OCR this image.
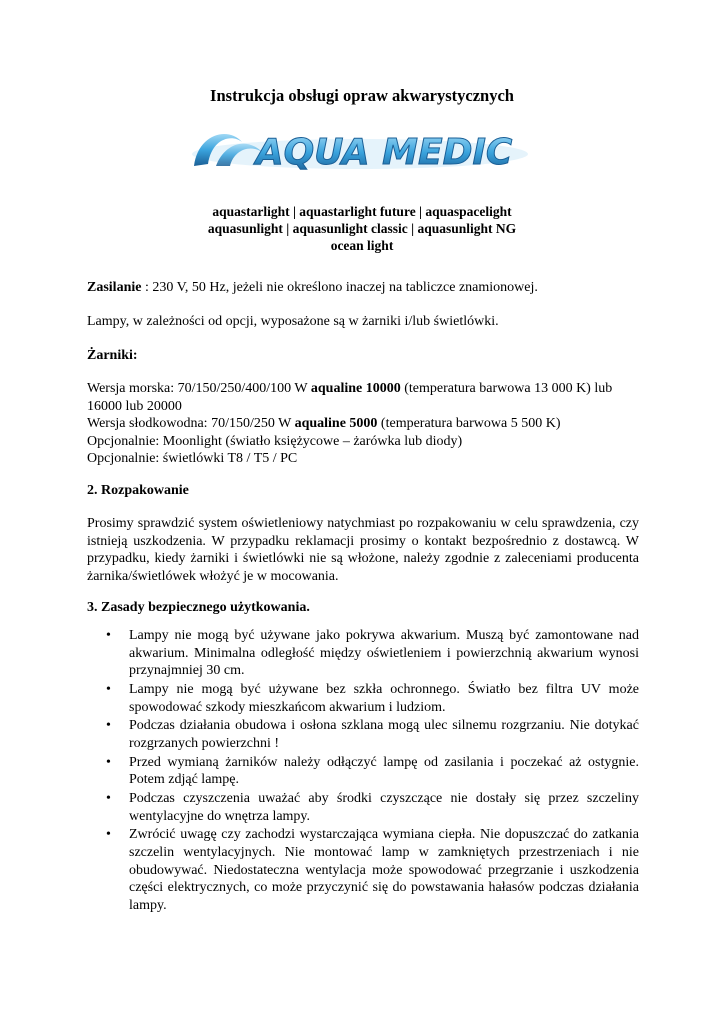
Instrukcja obsługi opraw akwarystycznych
AQUA MEDIC
aquastarlight | aquastarlight future | aquaspacelight
aquasunlight | aquasunlight classic | aquasunlight NG
ocean light
Zasilanie : 230 V, 50 Hz, jeżeli nie określono inaczej na tabliczce znamionowej.
Lampy, w zależności od opcji, wyposażone są w żarniki i/lub świetlówki.
Żarniki:
Wersja morska: 70/150/250/400/100 W aqualine 10000 (temperatura barwowa 13 000 K) lub 16000 lub 20000
Wersja słodkowodna: 70/150/250 W aqualine 5000 (temperatura barwowa 5 500 K)
Opcjonalnie: Moonlight (światło księżycowe – żarówka lub diody)
Opcjonalnie: świetlówki T8 / T5 / PC
2. Rozpakowanie
Prosimy sprawdzić system oświetleniowy natychmiast po rozpakowaniu w celu sprawdzenia, czy istnieją uszkodzenia. W przypadku reklamacji prosimy o kontakt bezpośrednio z dostawcą. W przypadku, kiedy żarniki i świetlówki nie są włożone, należy zgodnie z zaleceniami producenta żarnika/świetlówek włożyć je w mocowania.
3. Zasady bezpiecznego użytkowania.
• Lampy nie mogą być używane jako pokrywa akwarium. Muszą być zamontowane nad akwarium. Minimalna odległość między oświetleniem i powierzchnią akwarium wynosi przynajmniej 30 cm.
• Lampy nie mogą być używane bez szkła ochronnego. Światło bez filtra UV może spowodować szkody mieszkańcom akwarium i ludziom.
• Podczas działania obudowa i osłona szklana mogą ulec silnemu rozgrzaniu. Nie dotykać rozgrzanych powierzchni !
• Przed wymianą żarników należy odłączyć lampę od zasilania i poczekać aż ostygnie. Potem zdjąć lampę.
• Podczas czyszczenia uważać aby środki czyszczące nie dostały się przez szczeliny wentylacyjne do wnętrza lampy.
• Zwrócić uwagę czy zachodzi wystarczająca wymiana ciepła. Nie dopuszczać do zatkania szczelin wentylacyjnych. Nie montować lamp w zamkniętych przestrzeniach i nie obudowywać. Niedostateczna wentylacja może spowodować przegrzanie i uszkodzenia części elektrycznych, co może przyczynić się do powstawania hałasów podczas działania lampy.
